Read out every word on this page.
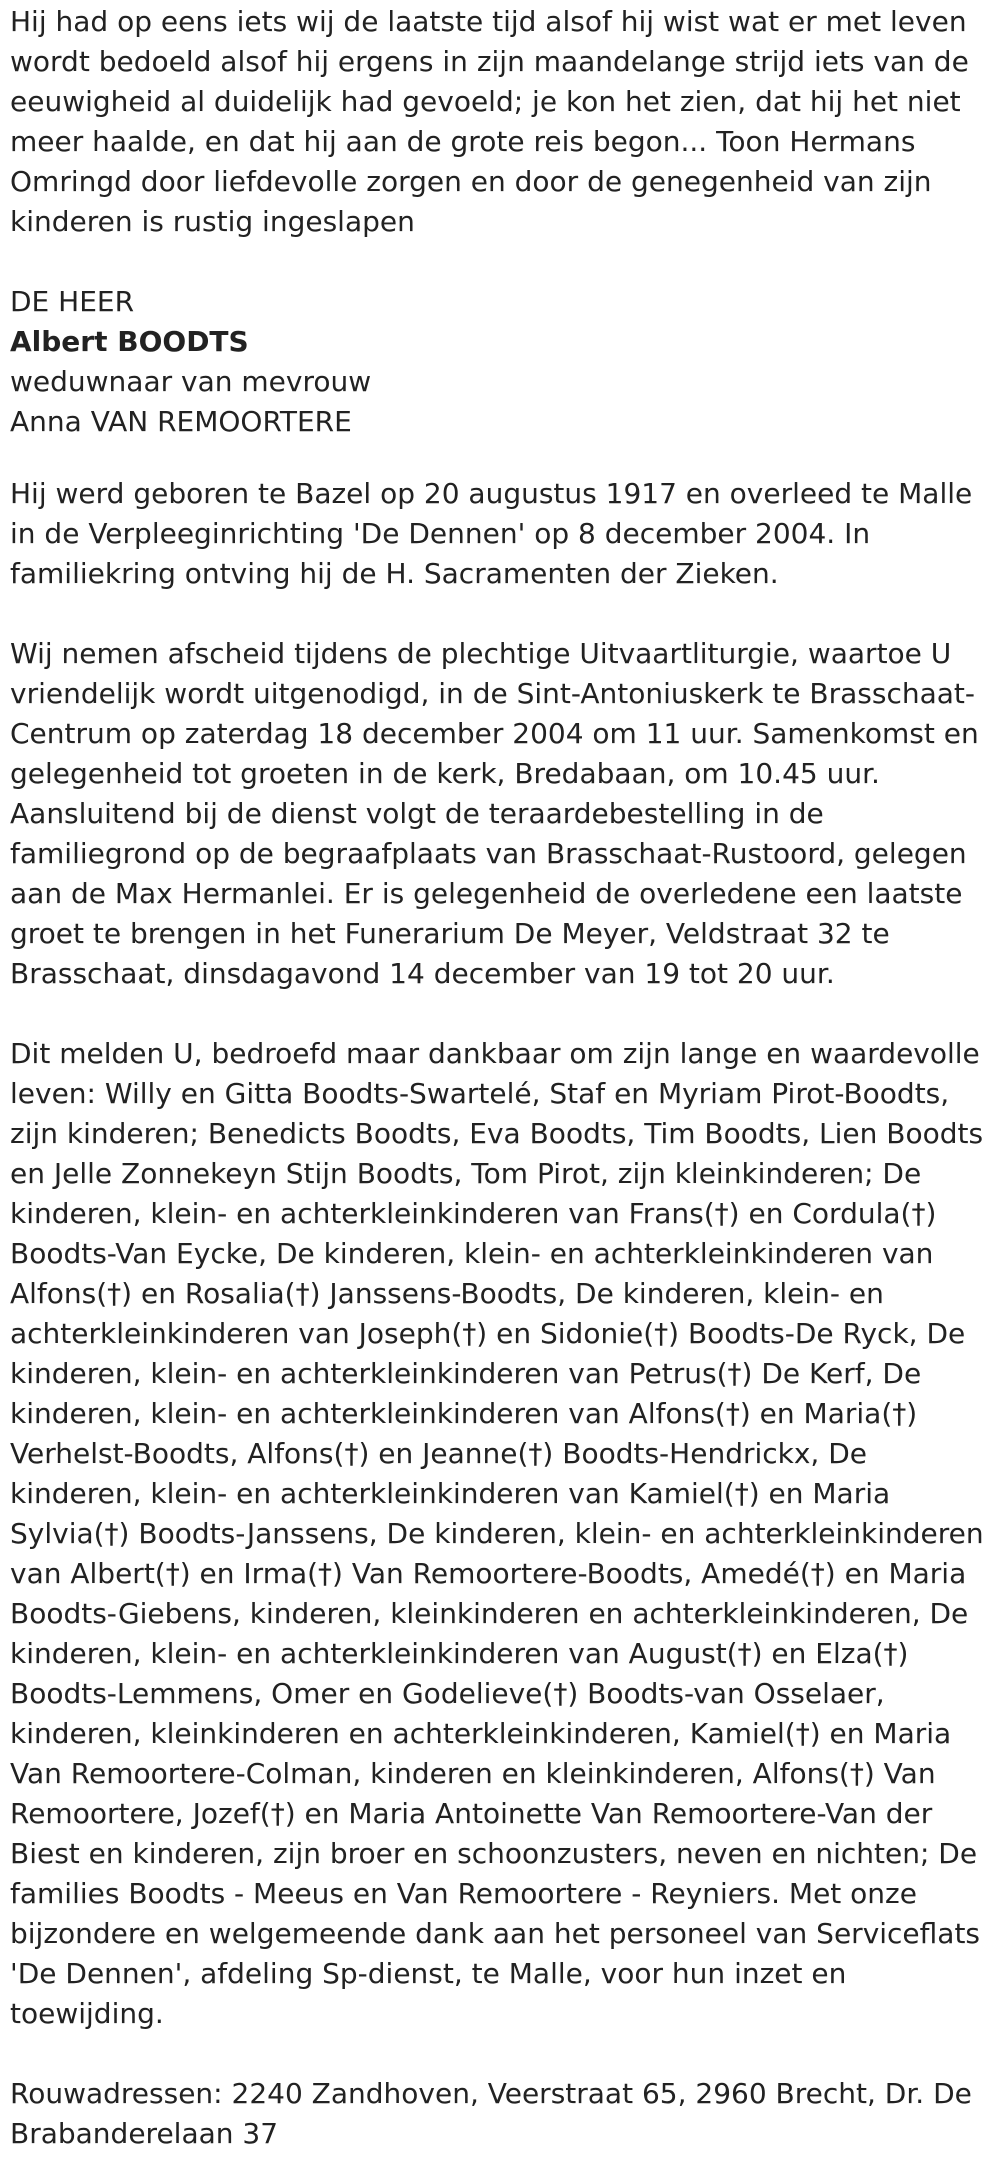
Hij had op eens iets wij de laatste tijd alsof hij wist wat er met leven wordt bedoeld alsof hij ergens in zijn maandelange strijd iets van de eeuwigheid al duidelijk had gevoeld; je kon het zien, dat hij het niet meer haalde, en dat hij aan de grote reis begon... Toon Hermans Omringd door liefdevolle zorgen en door de genegenheid van zijn kinderen is rustig ingeslapen

DE HEER

Albert BOODTS

weduwnaar van mevrouw

Anna VAN REMOORTERE

Hij werd geboren te Bazel op 20 augustus 1917 en overleed te Malle in de Verpleeginrichting 'De Dennen' op 8 december 2004. In familiekring ontving hij de H. Sacramenten der Zieken.

Wij nemen afscheid tijdens de plechtige Uitvaartliturgie, waartoe U vriendelijk wordt uitgenodigd, in de Sint-Antoniuskerk te Brasschaat-Centrum op zaterdag 18 december 2004 om 11 uur. Samenkomst en gelegenheid tot groeten in de kerk, Bredabaan, om 10.45 uur. Aansluitend bij de dienst volgt de teraardebestelling in de familiegrond op de begraafplaats van Brasschaat-Rustoord, gelegen aan de Max Hermanlei. Er is gelegenheid de overledene een laatste groet te brengen in het Funerarium De Meyer, Veldstraat 32 te Brasschaat, dinsdagavond 14 december van 19 tot 20 uur.

Dit melden U, bedroefd maar dankbaar om zijn lange en waardevolle leven: Willy en Gitta Boodts-Swartelé, Staf en Myriam Pirot-Boodts, zijn kinderen; Benedicts Boodts, Eva Boodts, Tim Boodts, Lien Boodts en Jelle Zonnekeyn Stijn Boodts, Tom Pirot, zijn kleinkinderen; De kinderen, klein- en achterkleinkinderen van Frans(†) en Cordula(†) Boodts-Van Eycke, De kinderen, klein- en achterkleinkinderen van Alfons(†) en Rosalia(†) Janssens-Boodts, De kinderen, klein- en achterkleinkinderen van Joseph(†) en Sidonie(†) Boodts-De Ryck, De kinderen, klein- en achterkleinkinderen van Petrus(†) De Kerf, De kinderen, klein- en achterkleinkinderen van Alfons(†) en Maria(†) Verhelst-Boodts, Alfons(†) en Jeanne(†) Boodts-Hendrickx, De kinderen, klein- en achterkleinkinderen van Kamiel(†) en Maria Sylvia(†) Boodts-Janssens, De kinderen, klein- en achterkleinkinderen van Albert(†) en Irma(†) Van Remoortere-Boodts, Amedé(†) en Maria Boodts-Giebens, kinderen, kleinkinderen en achterkleinkinderen, De kinderen, klein- en achterkleinkinderen van August(†) en Elza(†) Boodts-Lemmens, Omer en Godelieve(†) Boodts-van Osselaer, kinderen, kleinkinderen en achterkleinkinderen, Kamiel(†) en Maria Van Remoortere-Colman, kinderen en kleinkinderen, Alfons(†) Van Remoortere, Jozef(†) en Maria Antoinette Van Remoortere-Van der Biest en kinderen, zijn broer en schoonzusters, neven en nichten; De families Boodts - Meeus en Van Remoortere - Reyniers. Met onze bijzondere en welgemeende dank aan het personeel van Serviceflats 'De Dennen', afdeling Sp-dienst, te Malle, voor hun inzet en toewijding.

Rouwadressen: 2240 Zandhoven, Veerstraat 65, 2960 Brecht, Dr. De Brabanderelaan 37
